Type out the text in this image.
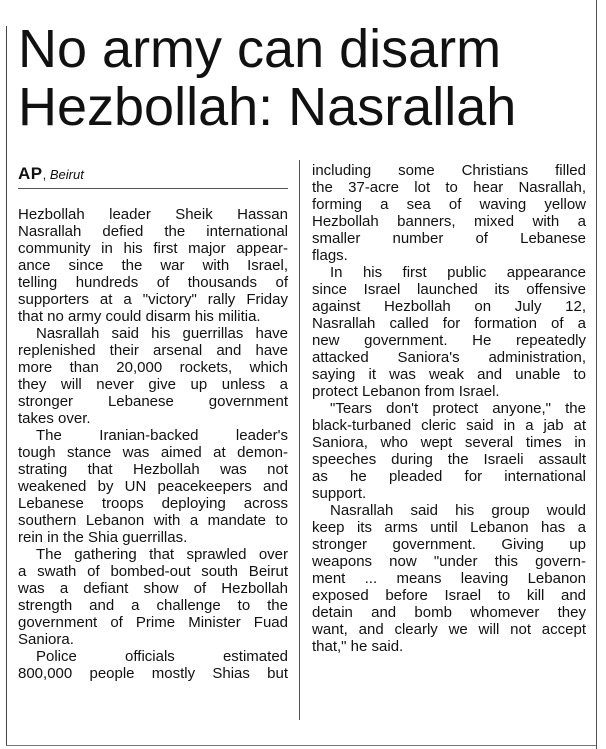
No army can disarm
Hezbollah: Nasrallah
AP, Beirut
Hezbollah leader Sheik Hassan
Nasrallah defied the international
community in his first major appear-
ance since the war with Israel,
telling hundreds of thousands of
supporters at a "victory" rally Friday
that no army could disarm his militia.
Nasrallah said his guerrillas have
replenished their arsenal and have
more than 20,000 rockets, which
they will never give up unless a
stronger Lebanese government
takes over.
The Iranian-backed leader's
tough stance was aimed at demon-
strating that Hezbollah was not
weakened by UN peacekeepers and
Lebanese troops deploying across
southern Lebanon with a mandate to
rein in the Shia guerrillas.
The gathering that sprawled over
a swath of bombed-out south Beirut
was a defiant show of Hezbollah
strength and a challenge to the
government of Prime Minister Fuad
Saniora.
Police officials estimated
800,000 people mostly Shias but
including some Christians filled
the 37-acre lot to hear Nasrallah,
forming a sea of waving yellow
Hezbollah banners, mixed with a
smaller number of Lebanese
flags.
In his first public appearance
since Israel launched its offensive
against Hezbollah on July 12,
Nasrallah called for formation of a
new government. He repeatedly
attacked Saniora's administration,
saying it was weak and unable to
protect Lebanon from Israel.
"Tears don't protect anyone," the
black-turbaned cleric said in a jab at
Saniora, who wept several times in
speeches during the Israeli assault
as he pleaded for international
support.
Nasrallah said his group would
keep its arms until Lebanon has a
stronger government. Giving up
weapons now "under this govern-
ment ... means leaving Lebanon
exposed before Israel to kill and
detain and bomb whomever they
want, and clearly we will not accept
that," he said.
